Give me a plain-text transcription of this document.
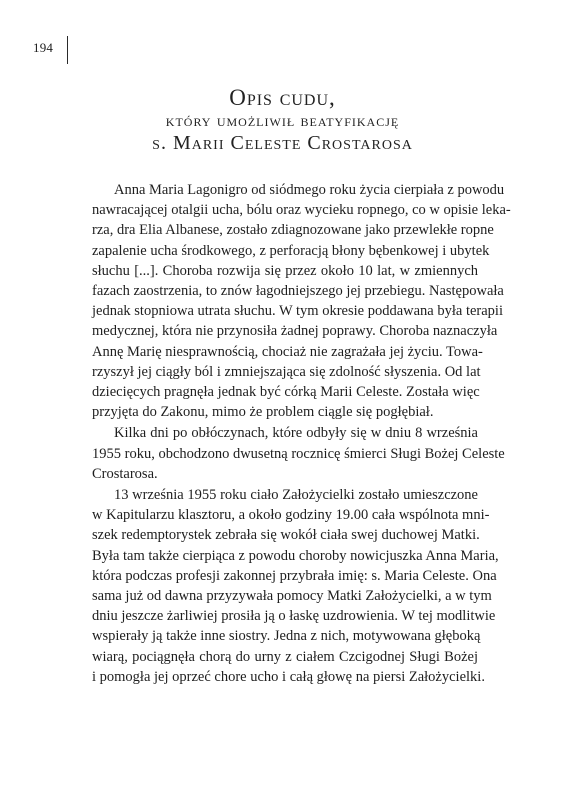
194
Opis cudu,
który umożliwił beatyfikację
s. Marii Celeste Crostarosa

Anna Maria Lagonigro od siódmego roku życia cierpiała z powodu
nawracającej otalgii ucha, bólu oraz wycieku ropnego, co w opisie leka-
rza, dra Elia Albanese, zostało zdiagnozowane jako przewlekłe ropne
zapalenie ucha środkowego, z perforacją błony bębenkowej i ubytek
słuchu [...]. Choroba rozwija się przez około 10 lat, w zmiennych
fazach zaostrzenia, to znów łagodniejszego jej przebiegu. Następowała
jednak stopniowa utrata słuchu. W tym okresie poddawana była terapii
medycznej, która nie przynosiła żadnej poprawy. Choroba naznaczyła
Annę Marię niesprawnością, chociaż nie zagrażała jej życiu. Towa-
rzyszył jej ciągły ból i zmniejszająca się zdolność słyszenia. Od lat
dziecięcych pragnęła jednak być córką Marii Celeste. Została więc
przyjęta do Zakonu, mimo że problem ciągle się pogłębiał.

Kilka dni po obłóczynach, które odbyły się w dniu 8 września
1955 roku, obchodzono dwusetną rocznicę śmierci Sługi Bożej Celeste
Crostarosa.

13 września 1955 roku ciało Założycielki zostało umieszczone
w Kapitularzu klasztoru, a około godziny 19.00 cała wspólnota mni-
szek redemptorystek zebrała się wokół ciała swej duchowej Matki.
Była tam także cierpiąca z powodu choroby nowicjuszka Anna Maria,
która podczas profesji zakonnej przybrała imię: s. Maria Celeste. Ona
sama już od dawna przyzywała pomocy Matki Założycielki, a w tym
dniu jeszcze żarliwiej prosiła ją o łaskę uzdrowienia. W tej modlitwie
wspierały ją także inne siostry. Jedna z nich, motywowana głęboką
wiarą, pociągnęła chorą do urny z ciałem Czcigodnej Sługi Bożej
i pomogła jej oprzeć chore ucho i całą głowę na piersi Założycielki.
